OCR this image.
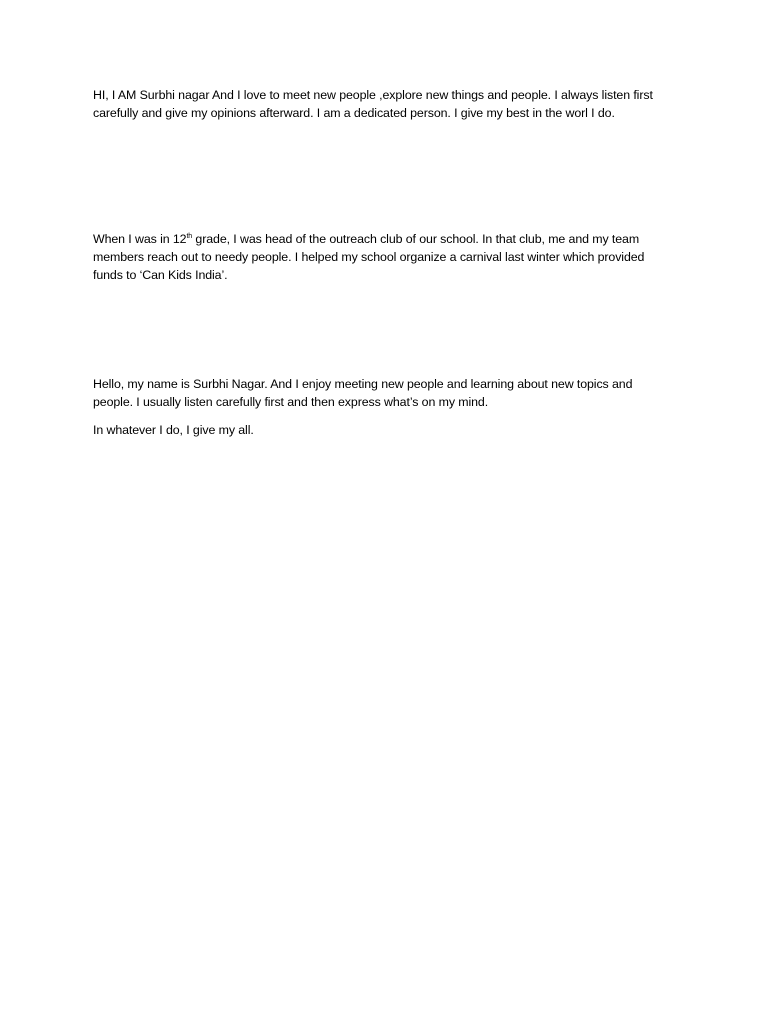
HI, I AM Surbhi nagar And I love to meet new people ,explore new things and people. I always listen first carefully and give my opinions afterward. I am a dedicated person. I give my best in the worl I do.

When I was in 12th grade, I was head of the outreach club of our school. In that club, me and my team members reach out to needy people. I helped my school organize a carnival last winter which provided funds to ‘Can Kids India’.

Hello, my name is Surbhi Nagar. And I enjoy meeting new people and learning about new topics and people. I usually listen carefully first and then express what’s on my mind.

In whatever I do, I give my all.
